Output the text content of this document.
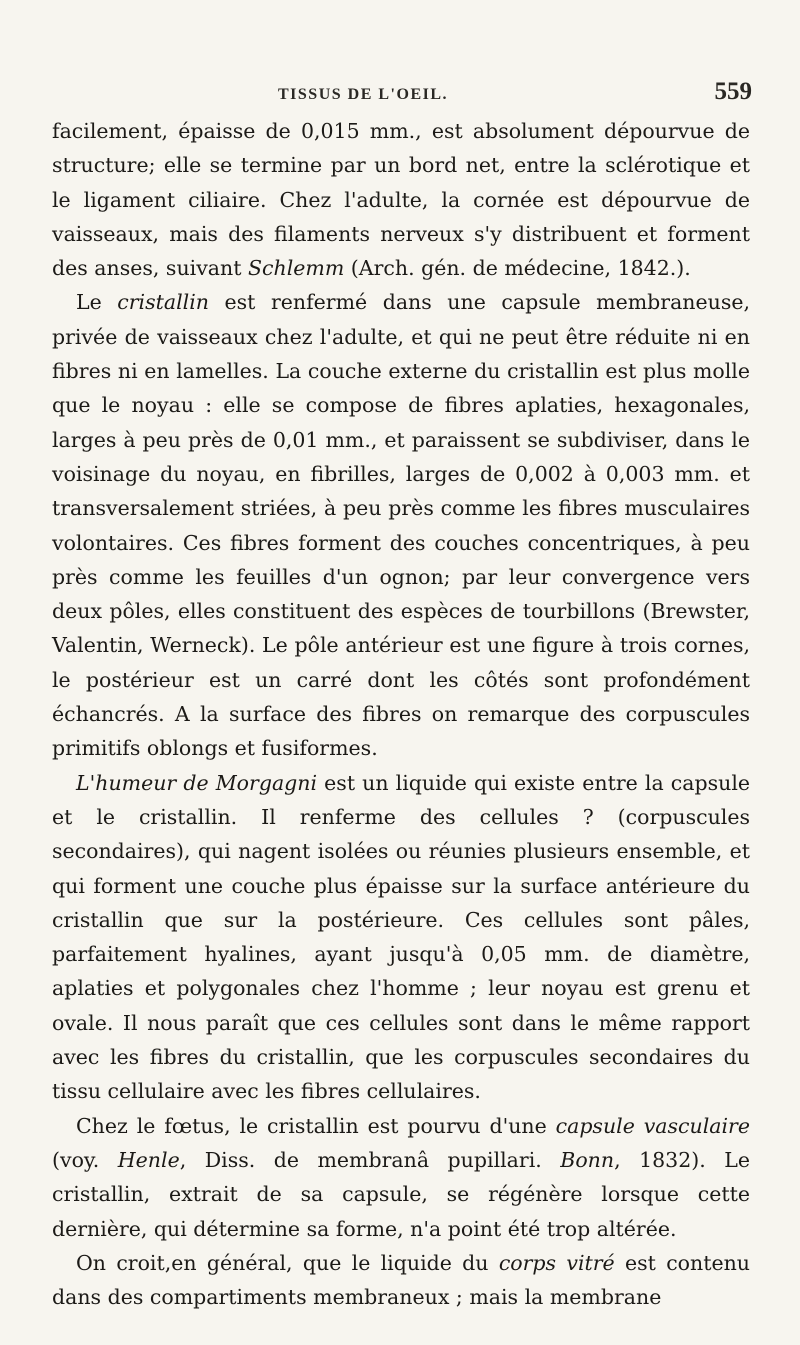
TISSUS DE L'OEIL.	559

facilement, épaisse de 0,015 mm., est absolument dépourvue de structure; elle se termine par un bord net, entre la sclérotique et le ligament ciliaire. Chez l'adulte, la cornée est dépourvue de vaisseaux, mais des filaments nerveux s'y distribuent et forment des anses, suivant Schlemm (Arch. gén. de médecine, 1842.).

Le cristallin est renfermé dans une capsule membraneuse, privée de vaisseaux chez l'adulte, et qui ne peut être réduite ni en fibres ni en lamelles. La couche externe du cristallin est plus molle que le noyau : elle se compose de fibres aplaties, hexagonales, larges à peu près de 0,01 mm., et paraissent se subdiviser, dans le voisinage du noyau, en fibrilles, larges de 0,002 à 0,003 mm. et transversalement striées, à peu près comme les fibres musculaires volontaires. Ces fibres forment des couches concentriques, à peu près comme les feuilles d'un ognon; par leur convergence vers deux pôles, elles constituent des espèces de tourbillons (Brewster, Valentin, Werneck). Le pôle antérieur est une figure à trois cornes, le postérieur est un carré dont les côtés sont profondément échancrés. A la surface des fibres on remarque des corpuscules primitifs oblongs et fusiformes.

L'humeur de Morgagni est un liquide qui existe entre la capsule et le cristallin. Il renferme des cellules ? (corpuscules secondaires), qui nagent isolées ou réunies plusieurs ensemble, et qui forment une couche plus épaisse sur la surface antérieure du cristallin que sur la postérieure. Ces cellules sont pâles, parfaitement hyalines, ayant jusqu'à 0,05 mm. de diamètre, aplaties et polygonales chez l'homme ; leur noyau est grenu et ovale. Il nous paraît que ces cellules sont dans le même rapport avec les fibres du cristallin, que les corpuscules secondaires du tissu cellulaire avec les fibres cellulaires.

Chez le fœtus, le cristallin est pourvu d'une capsule vasculaire (voy. Henle, Diss. de membranâ pupillari. Bonn, 1832). Le cristallin, extrait de sa capsule, se régénère lorsque cette dernière, qui détermine sa forme, n'a point été trop altérée.

On croit,en général, que le liquide du corps vitré est contenu dans des compartiments membraneux ; mais la membrane
